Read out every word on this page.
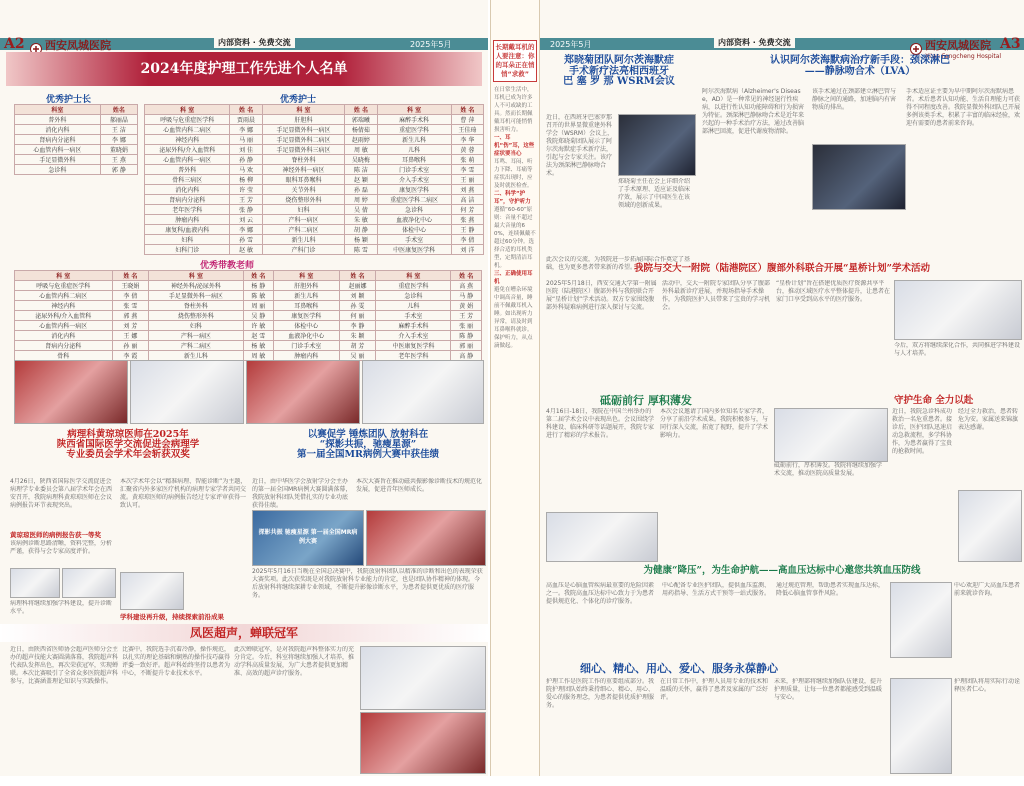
A2 西安凤城医院	内部资料 · 免费交流	2025年5月
2024年度护理工作先进个人名单
优秀护士长
科室	姓名
普外科	郝丽晶
消化内科	王 洁
肾病内分泌科	李 娜
心血管内科一病区	董晓娟
手足显微外科	王 燕
急诊科	郭 静
优秀护士
科 室	姓 名	科 室	姓 名	科 室	姓 名
呼吸与危重症医学科	贾雨晨	肝胆科	郭瑞曦	麻醉手术科	曹 萍
心血管内科二病区	李 娜	手足显微外科一病区	杨倩茹	重症医学科	王佳琦
神经内科	马 丽	手足显微外科二病区	赵雨婷	新生儿科	李 华
泌尿外科/介入血管科	刘 佳	手足显微外科三病区	周 敏	儿科	黄 蓉
心血管内科一病区	孙 静	脊柱外科	吴晓梅	耳鼻喉科	张 萌
普外科	马 欢	神经外科一病区	陈 洁	门诊手术室	李 雪
骨科三病区	杨 柳	眼科耳鼻喉科	赵 颖	介入手术室	王 丽
消化内科	许 莹	关节外科	孙 磊	康复医学科	刘 燕
肾病内分泌科	王 芳	烧伤整形外科	周 婷	重症医学科二病区	高 洁
老年医学科	张 静	妇科	吴 倩	急诊科	何 芳
肿瘤内科	刘 云	产科一病区	朱 敏	血液净化中心	张 燕
康复科/血液内科	李 娜	产科二病区	胡 静	体检中心	王 静
妇科	孙 雪	新生儿科	杨 颖	手术室	李 倩
妇科门诊	赵 敏	产科门诊	陈 雪	中医康复医学科	刘 洋
优秀带教老师
科 室	姓 名	科 室	姓 名	科 室	姓 名	科 室	姓 名
呼吸与危重症医学科	王晓娟	神经外科/泌尿外科	杨 静	肝胆外科	赵丽娜	重症医学科	高 燕
心血管内科二病区	李 倩	手足显微外科一病区	陈 敏	新生儿科	刘 颖	急诊科	马 静
神经内科	张 雪	脊柱外科	周 丽	耳鼻喉科	孙 雯	儿科	黄 娟
泌尿外科/介入血管科	郭 燕	烧伤整形外科	吴 静	康复医学科	何 丽	手术室	王 芳
心血管内科一病区	刘 芳	妇科	许 敏	体检中心	李 静	麻醉手术科	张 丽
消化内科	王 娜	产科一病区	赵 雪	血液净化中心	朱 颖	介入手术室	陈 静
肾病内分泌科	孙 丽	产科二病区	杨 敏	门诊手术室	胡 芳	中医康复医学科	郭 丽
骨科	李 霞	新生儿科	周 敏	肿瘤内科	吴 丽	老年医学科	高 静
病理科黄琼琼医师在2025年
陕西省国际医学交流促进会病理学
专业委员会学术年会斩获双奖
4月26日，陕西省国际医学交流促进会病理学专业委员会第八届学术年会在西安召开，我院病理科黄琼琼医师在会议病例报告环节表现突出。
本次学术年会以“精准病理、智能诊断”为主题，汇聚省内外多家医疗机构的病理专家学者共同交流。黄琼琼医师的病例报告经过专家评审获得一致认可。
黄琼琼医师的病例报告获一等奖
该病例诊断思路清晰，资料完整，分析严谨，获得与会专家高度评价。
学科建设再升级，持续探索前沿成果
病理科将继续加强学科建设，提升诊断水平。
以赛促学 锤炼团队 放射科在
“探影共振，驰瘦星源”
第一届全国MR病例大赛中获佳绩
近日，由中华医学会放射学分会主办的第一届全国MR病例大赛圆满落幕，我院放射科团队凭借扎实的专业功底获得佳绩。
本次大赛旨在推动磁共振影像诊断技术的规范化发展，促进青年医师成长。
探影共振 驰瘦星源 第一届全国MR病例大赛
2025年5月16日当晚在全国总决赛中，我院放射科团队以精准的诊断和出色的表现荣获大赛奖项。此次获奖既是对我院放射科专业能力的肯定，也是团队协作精神的体现。今后放射科将继续深耕专业领域，不断提升影像诊断水平，为患者提供更优质的医疗服务。
凤医超声，蝉联冠军
近日，由陕西省医师协会超声医师分会主办的超声技能大赛圆满落幕，我院超声科代表队发挥出色，再次荣获冠军，实现蝉联。本次比赛吸引了全省众多医院超声科参与，比赛涵盖理论知识与实践操作。
比赛中，我院选手沉着冷静，操作规范，以扎实的理论基础和娴熟的操作技巧赢得评委一致好评。超声科始终坚持以患者为中心，不断提升专业技术水平。
此次蝉联冠军，是对我院超声科整体实力的充分肯定。今后，科室将继续加强人才培养，推动学科高质量发展，为广大患者提供更加精准、高效的超声诊疗服务。
长期戴耳机的人要注意：你的耳朵正在悄悄“求救”
在日常生活中，耳机已成为许多人不可或缺的工具。然而长期佩戴耳机可能悄悄损害听力。
一、耳机“伤”耳，这些症状要当心
耳鸣、耳闷、听力下降、耳痛等症状出现时，应及时就医检查。
二、科学“护耳”，守护听力
遵循“60-60”原则：音量不超过最大音量的60%，连续佩戴不超过60分钟。选择合适的耳机类型，定期清洁耳机。
三、正确使用耳机
避免在嘈杂环境中调高音量，睡前不佩戴耳机入睡。如出现听力异常，请及时到耳鼻喉科就诊。保护听力，从点滴做起。
2025年5月	内部资料 · 免费交流	西安凤城医院
Xi'an Fengcheng Hospital
A3
郑晓菊团队阿尔茨海默症
手术新疗法亮相西班牙
巴 塞 罗 那 WSRM会议
近日，在西班牙巴塞罗那召开的世界显微重建外科学会（WSRM）会议上，我院郑晓菊团队展示了阿尔茨海默症手术新疗法，引起与会专家关注。该疗法为颈深淋巴静脉吻合术。
郑晓菊主任在会上详细介绍了手术原理、适应证及临床疗效，展示了中国医生在该领域的创新成果。
此次会议的交流，为我院进一步拓展国际合作奠定了基础，也为更多患者带来新的希望。
认识阿尔茨海默病治疗新手段：颈深淋巴
——静脉吻合术（LVA）
阿尔茨海默病（Alzheimer's Disease，AD）是一种常见的神经退行性疾病，以进行性认知功能障碍和行为损害为特征。颈深淋巴静脉吻合术是近年来兴起的一种手术治疗方法，通过改善脑部淋巴回流，促进代谢废物清除。
该手术通过在颈部建立淋巴管与静脉之间的通路，加速脑内有害物质的排出。
手术适应证主要为早中期阿尔茨海默病患者。术后患者认知功能、生活自理能力可获得不同程度改善。我院显微外科团队已开展多例该类手术，积累了丰富的临床经验，欢迎有需要的患者前来咨询。
我院与交大一附院（陆港院区）腹部外科联合开展“星桥计划”学术活动
2025年5月18日，西安交通大学第一附属医院（陆港院区）腹部外科与我院联合开展“星桥计划”学术活动。双方专家围绕腹部外科疑难病例进行深入探讨与交流。
活动中，交大一附院专家团队分享了腹部外科最新诊疗进展，并现场指导手术操作，为我院医护人员带来了宝贵的学习机会。
“星桥计划”旨在搭建优质医疗资源共享平台，推动区域医疗水平整体提升，让患者在家门口享受到高水平的医疗服务。
今后，双方将继续深化合作，共同推进学科建设与人才培养。
砥砺前行 厚积薄发
4月16日-18日，我院在中国兰州举办的第二届学术会议中表现出色。会议围绕学科建设、临床科研等话题展开，我院专家进行了精彩的学术报告。
本次会议邀请了国内多位知名专家学者，分享了前沿学术成果。我院积极参与，与同行深入交流，拓宽了视野，提升了学术影响力。
砥砺前行，厚积薄发。我院将继续加强学术交流，推动医院高质量发展。
守护生命 全力以赴
近日，我院急诊科成功救治一名危重患者。接诊后，医护团队迅速启动急救流程，多学科协作，为患者赢得了宝贵的抢救时间。
经过全力救治，患者转危为安。家属送来锦旗表达感谢。
为健康“降压”，为生命护航——高血压达标中心邀您共筑血压防线
高血压是心脑血管疾病最重要的危险因素之一。我院高血压达标中心致力于为患者提供规范化、个体化的诊疗服务。
中心配备专业医护团队，提供血压监测、用药指导、生活方式干预等一站式服务。
通过规范管理，帮助患者实现血压达标，降低心脑血管事件风险。
中心欢迎广大高血压患者前来就诊咨询。
细心、精心、用心、爱心、服务永葆静心
护理工作是医院工作的重要组成部分。我院护理团队始终秉持细心、精心、用心、爱心的服务理念，为患者提供优质护理服务。
在日常工作中，护理人员用专业的技术和温暖的关怀，赢得了患者及家属的广泛好评。
未来，护理部将继续加强队伍建设，提升护理质量，让每一位患者都能感受到温暖与安心。
护理团队将用实际行动诠释医者仁心。
